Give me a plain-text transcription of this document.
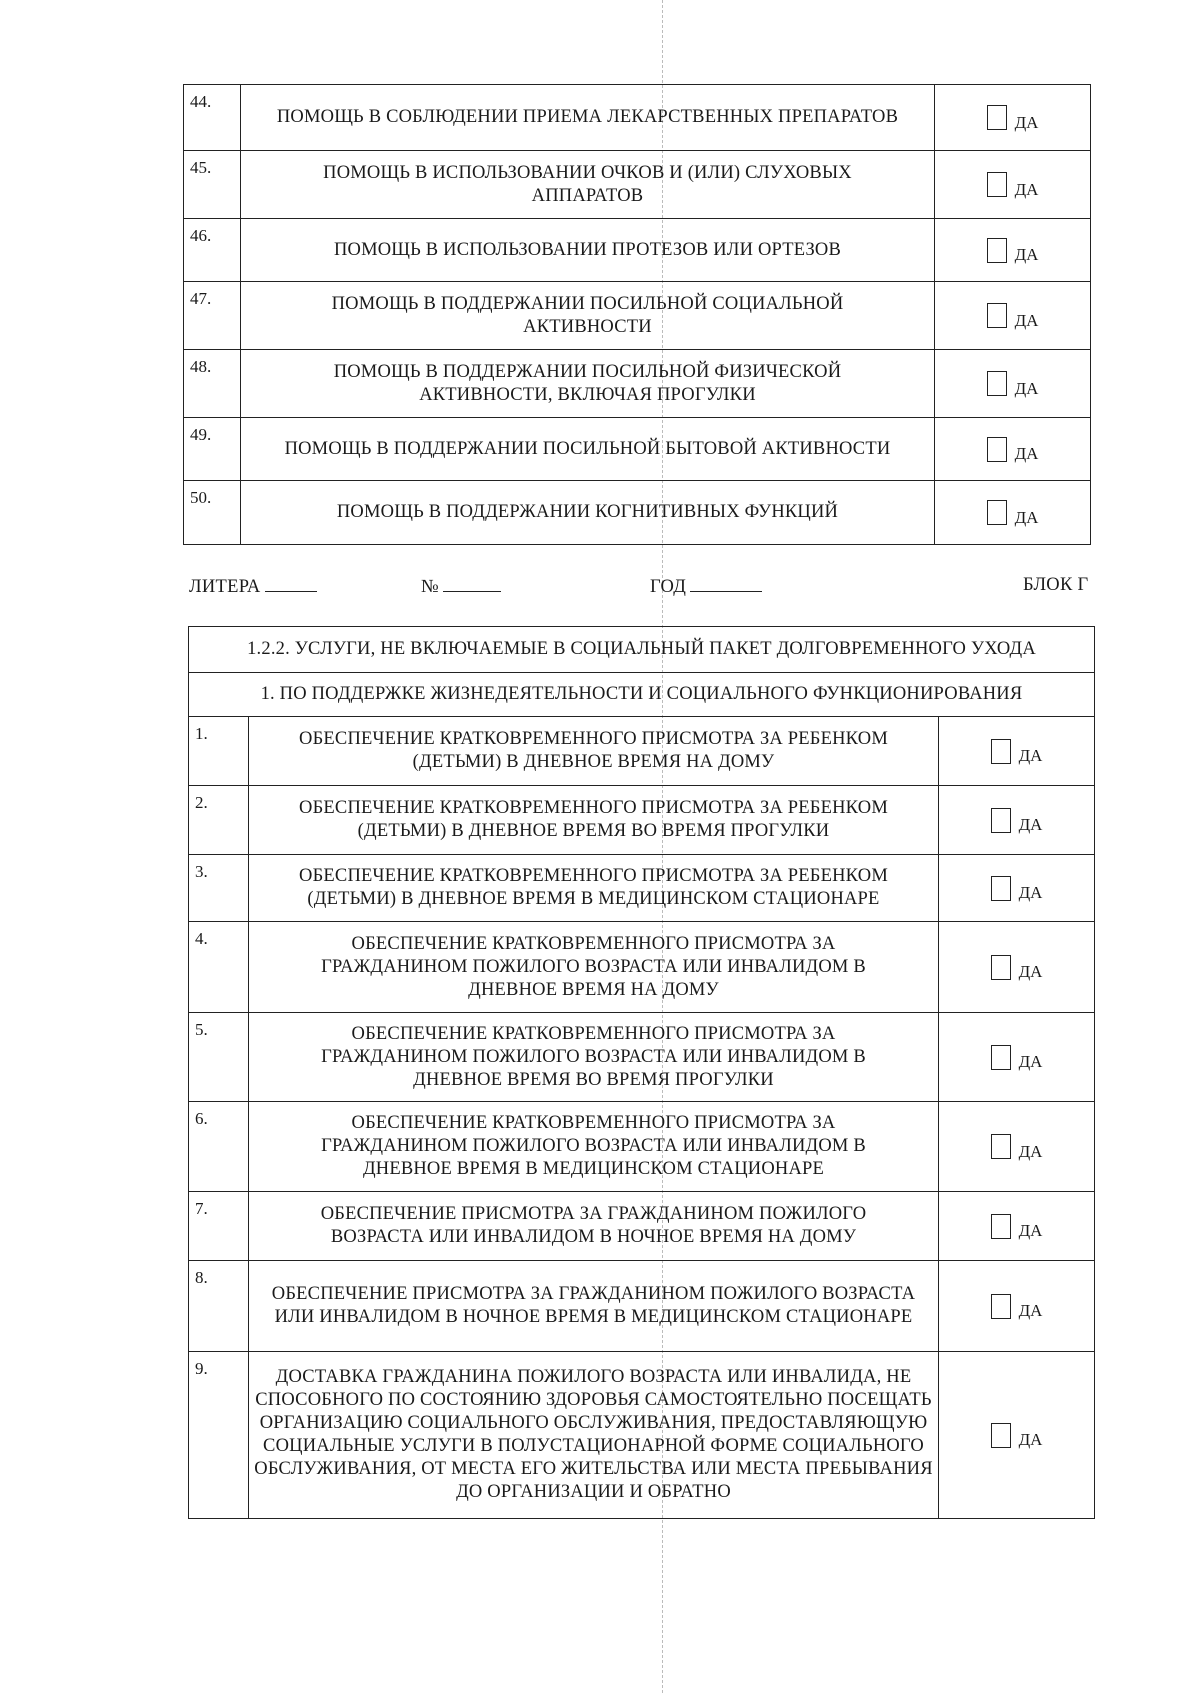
44.	ПОМОЩЬ В СОБЛЮДЕНИИ ПРИЕМА ЛЕКАРСТВЕННЫХ ПРЕПАРАТОВ	ДА

45.	ПОМОЩЬ В ИСПОЛЬЗОВАНИИ ОЧКОВ И (ИЛИ) СЛУХОВЫХ АППАРАТОВ	ДА

46.	ПОМОЩЬ В ИСПОЛЬЗОВАНИИ ПРОТЕЗОВ ИЛИ ОРТЕЗОВ	ДА

47.	ПОМОЩЬ В ПОДДЕРЖАНИИ ПОСИЛЬНОЙ СОЦИАЛЬНОЙ АКТИВНОСТИ	ДА

48.	ПОМОЩЬ В ПОДДЕРЖАНИИ ПОСИЛЬНОЙ ФИЗИЧЕСКОЙ АКТИВНОСТИ, ВКЛЮЧАЯ ПРОГУЛКИ	ДА

49.	ПОМОЩЬ В ПОДДЕРЖАНИИ ПОСИЛЬНОЙ БЫТОВОЙ АКТИВНОСТИ	ДА

50.	ПОМОЩЬ В ПОДДЕРЖАНИИ КОГНИТИВНЫХ ФУНКЦИЙ	ДА
ЛИТЕРА	№	ГОД	БЛОК Г
1.2.2. УСЛУГИ, НЕ ВКЛЮЧАЕМЫЕ В СОЦИАЛЬНЫЙ ПАКЕТ ДОЛГОВРЕМЕННОГО УХОДА		
1. ПО ПОДДЕРЖКЕ ЖИЗНЕДЕЯТЕЛЬНОСТИ И СОЦИАЛЬНОГО ФУНКЦИОНИРОВАНИЯ		
1.	ОБЕСПЕЧЕНИЕ КРАТКОВРЕМЕННОГО ПРИСМОТРА ЗА РЕБЕНКОМ (ДЕТЬМИ) В ДНЕВНОЕ ВРЕМЯ НА ДОМУ	ДА

2.	ОБЕСПЕЧЕНИЕ КРАТКОВРЕМЕННОГО ПРИСМОТРА ЗА РЕБЕНКОМ (ДЕТЬМИ) В ДНЕВНОЕ ВРЕМЯ ВО ВРЕМЯ ПРОГУЛКИ	ДА

3.	ОБЕСПЕЧЕНИЕ КРАТКОВРЕМЕННОГО ПРИСМОТРА ЗА РЕБЕНКОМ (ДЕТЬМИ) В ДНЕВНОЕ ВРЕМЯ В МЕДИЦИНСКОМ СТАЦИОНАРЕ	ДА

4.	ОБЕСПЕЧЕНИЕ КРАТКОВРЕМЕННОГО ПРИСМОТРА ЗА ГРАЖДАНИНОМ ПОЖИЛОГО ВОЗРАСТА ИЛИ ИНВАЛИДОМ В ДНЕВНОЕ ВРЕМЯ НА ДОМУ	ДА

5.	ОБЕСПЕЧЕНИЕ КРАТКОВРЕМЕННОГО ПРИСМОТРА ЗА ГРАЖДАНИНОМ ПОЖИЛОГО ВОЗРАСТА ИЛИ ИНВАЛИДОМ В ДНЕВНОЕ ВРЕМЯ ВО ВРЕМЯ ПРОГУЛКИ	ДА

6.	ОБЕСПЕЧЕНИЕ КРАТКОВРЕМЕННОГО ПРИСМОТРА ЗА ГРАЖДАНИНОМ ПОЖИЛОГО ВОЗРАСТА ИЛИ ИНВАЛИДОМ В ДНЕВНОЕ ВРЕМЯ В МЕДИЦИНСКОМ СТАЦИОНАРЕ	ДА

7.	ОБЕСПЕЧЕНИЕ ПРИСМОТРА ЗА ГРАЖДАНИНОМ ПОЖИЛОГО ВОЗРАСТА ИЛИ ИНВАЛИДОМ В НОЧНОЕ ВРЕМЯ НА ДОМУ	ДА

8.	ОБЕСПЕЧЕНИЕ ПРИСМОТРА ЗА ГРАЖДАНИНОМ ПОЖИЛОГО ВОЗРАСТА ИЛИ ИНВАЛИДОМ В НОЧНОЕ ВРЕМЯ В МЕДИЦИНСКОМ СТАЦИОНАРЕ	ДА

9.	ДОСТАВКА ГРАЖДАНИНА ПОЖИЛОГО ВОЗРАСТА ИЛИ ИНВАЛИДА, НЕ СПОСОБНОГО ПО СОСТОЯНИЮ ЗДОРОВЬЯ САМОСТОЯТЕЛЬНО ПОСЕЩАТЬ ОРГАНИЗАЦИЮ СОЦИАЛЬНОГО ОБСЛУЖИВАНИЯ, ПРЕДОСТАВЛЯЮЩУЮ СОЦИАЛЬНЫЕ УСЛУГИ В ПОЛУСТАЦИОНАРНОЙ ФОРМЕ СОЦИАЛЬНОГО ОБСЛУЖИВАНИЯ, ОТ МЕСТА ЕГО ЖИТЕЛЬСТВА ИЛИ МЕСТА ПРЕБЫВАНИЯ ДО ОРГАНИЗАЦИИ И ОБРАТНО	ДА
